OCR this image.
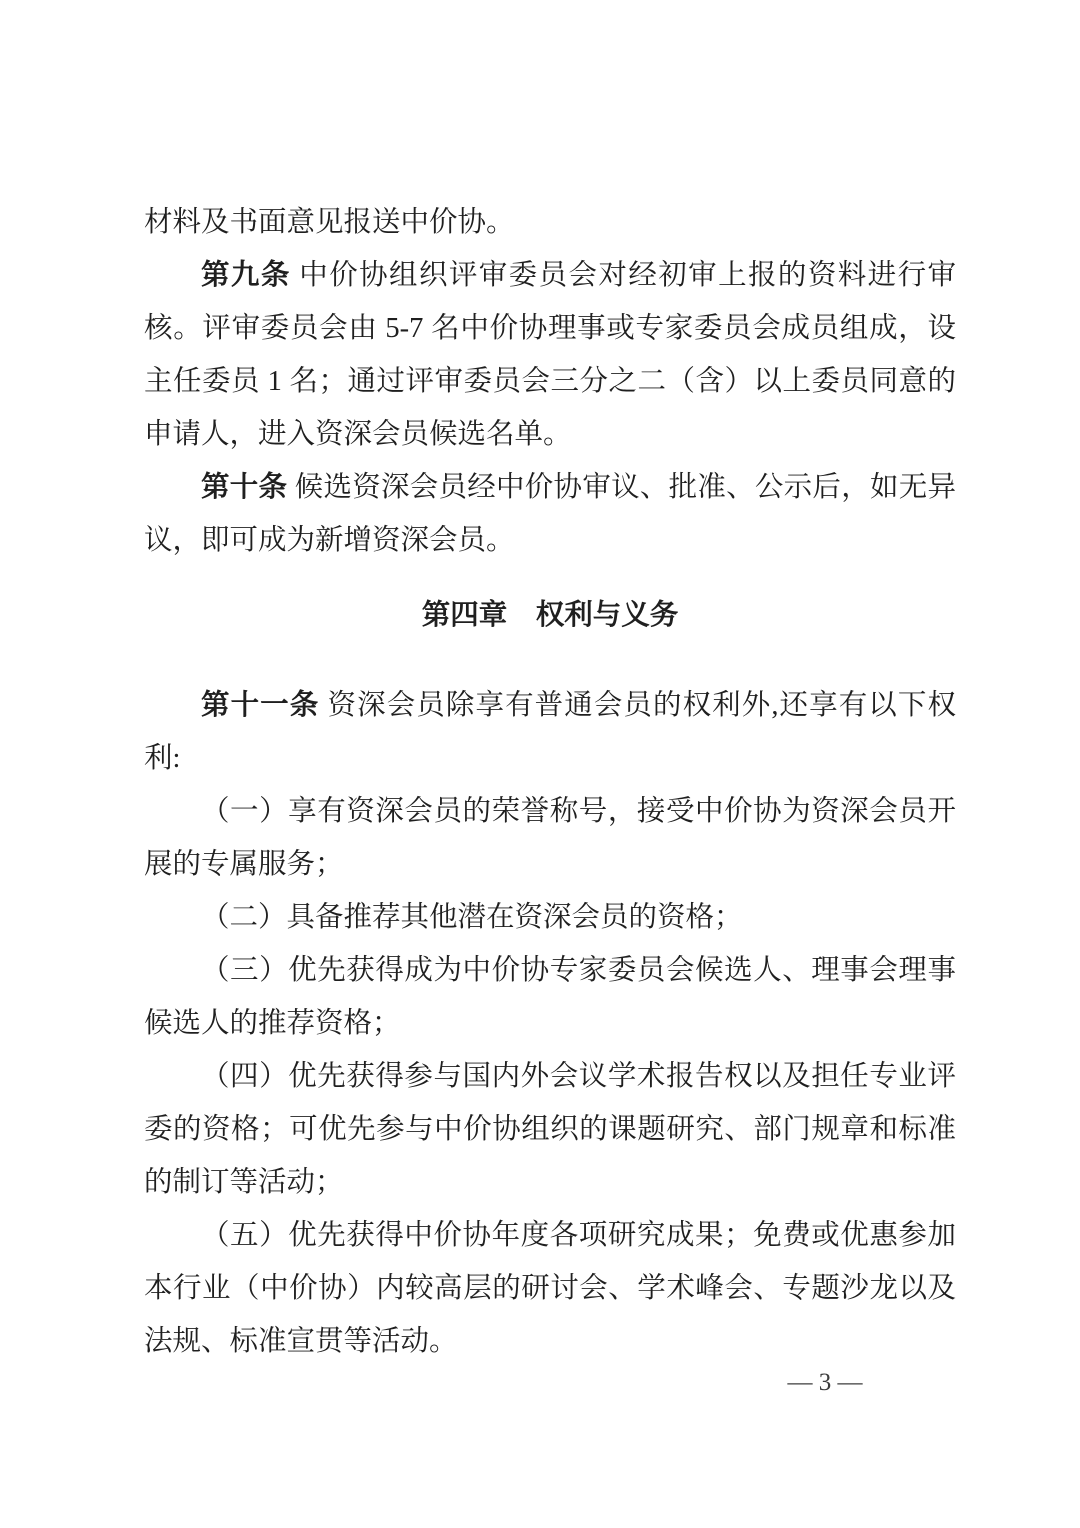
材料及书面意见报送中价协。
第九条 中价协组织评审委员会对经初审上报的资料进行审
核。评审委员会由 5-7 名中价协理事或专家委员会成员组成，设
主任委员 1 名；通过评审委员会三分之二（含）以上委员同意的
申请人，进入资深会员候选名单。
第十条 候选资深会员经中价协审议、批准、公示后，如无异
议，即可成为新增资深会员。
第四章　权利与义务
第十一条 资深会员除享有普通会员的权利外,还享有以下权
利:
（一）享有资深会员的荣誉称号，接受中价协为资深会员开
展的专属服务；
（二）具备推荐其他潜在资深会员的资格；
（三）优先获得成为中价协专家委员会候选人、理事会理事
候选人的推荐资格；
（四）优先获得参与国内外会议学术报告权以及担任专业评
委的资格；可优先参与中价协组织的课题研究、部门规章和标准
的制订等活动；
（五）优先获得中价协年度各项研究成果；免费或优惠参加
本行业（中价协）内较高层的研讨会、学术峰会、专题沙龙以及
法规、标准宣贯等活动。
— 3 —
